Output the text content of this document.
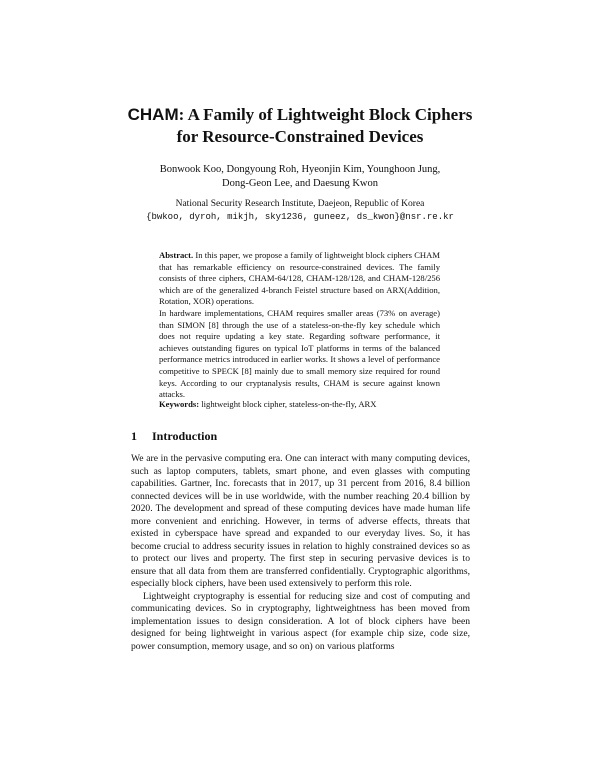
CHAM: A Family of Lightweight Block Ciphers
for Resource-Constrained Devices
Bonwook Koo, Dongyoung Roh, Hyeonjin Kim, Younghoon Jung,
Dong-Geon Lee, and Daesung Kwon
National Security Research Institute, Daejeon, Republic of Korea
{bwkoo, dyroh, mikjh, sky1236, guneez, ds_kwon}@nsr.re.kr

Abstract. In this paper, we propose a family of lightweight block ciphers CHAM that has remarkable efficiency on resource-constrained devices. The family consists of three ciphers, CHAM-64/128, CHAM-128/128, and CHAM-128/256 which are of the generalized 4-branch Feistel structure based on ARX(Addition, Rotation, XOR) operations.

In hardware implementations, CHAM requires smaller areas (73% on average) than SIMON [8] through the use of a stateless-on-the-fly key schedule which does not require updating a key state. Regarding software performance, it achieves outstanding figures on typical IoT platforms in terms of the balanced performance metrics introduced in earlier works. It shows a level of performance competitive to SPECK [8] mainly due to small memory size required for round keys. According to our cryptanalysis results, CHAM is secure against known attacks.

Keywords: lightweight block cipher, stateless-on-the-fly, ARX
1 Introduction

We are in the pervasive computing era. One can interact with many computing devices, such as laptop computers, tablets, smart phone, and even glasses with computing capabilities. Gartner, Inc. forecasts that in 2017, up 31 percent from 2016, 8.4 billion connected devices will be in use worldwide, with the number reaching 20.4 billion by 2020. The development and spread of these computing devices have made human life more convenient and enriching. However, in terms of adverse effects, threats that existed in cyberspace have spread and expanded to our everyday lives. So, it has become crucial to address security issues in relation to highly constrained devices so as to protect our lives and property. The first step in securing pervasive devices is to ensure that all data from them are transferred confidentially. Cryptographic algorithms, especially block ciphers, have been used extensively to perform this role.

Lightweight cryptography is essential for reducing size and cost of computing and communicating devices. So in cryptography, lightweightness has been moved from implementation issues to design consideration. A lot of block ciphers have been designed for being lightweight in various aspect (for example chip size, code size, power consumption, memory usage, and so on) on various platforms
